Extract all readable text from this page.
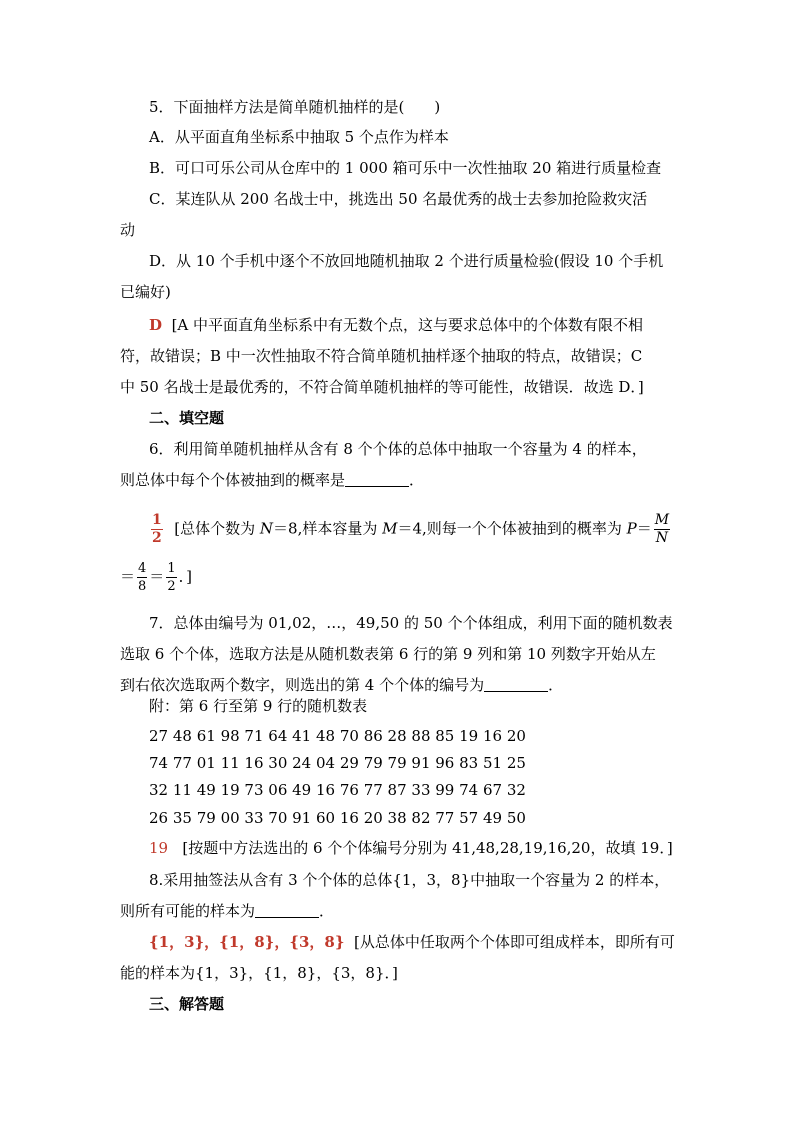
5．下面抽样方法是简单随机抽样的是(　　)
A．从平面直角坐标系中抽取 5 个点作为样本
B．可口可乐公司从仓库中的 1 000 箱可乐中一次性抽取 20 箱进行质量检查
C．某连队从 200 名战士中，挑选出 50 名最优秀的战士去参加抢险救灾活
动
D．从 10 个手机中逐个不放回地随机抽取 2 个进行质量检验(假设 10 个手机
已编好)
D [A 中平面直角坐标系中有无数个点，这与要求总体中的个体数有限不相
符，故错误；B 中一次性抽取不符合简单随机抽样逐个抽取的特点，故错误；C
中 50 名战士是最优秀的，不符合简单随机抽样的等可能性，故错误．故选 D．]
二、填空题
6．利用简单随机抽样从含有 8 个个体的总体中抽取一个容量为 4 的样本，
则总体中每个个体被抽到的概率是	．
$\frac{1}{2}$ [总体个数为 N＝8,样本容量为 M＝4,则每一个个体被抽到的概率为 $P= \frac{M}{N}$
＝ $\frac{4}{8} = \frac{1}{2}$ ．]
7．总体由编号为 01,02，…，49,50 的 50 个个体组成，利用下面的随机数表
选取 6 个个体，选取方法是从随机数表第 6 行的第 9 列和第 10 列数字开始从左
到右依次选取两个数字，则选出的第 4 个个体的编号为	．
附：第 6 行至第 9 行的随机数表
27 48 61 98 71 64 41 48 70 86 28 88 85 19 16 20
74 77 01 11 16 30 24 04 29 79 79 91 96 83 51 25
32 11 49 19 73 06 49 16 76 77 87 33 99 74 67 32
26 35 79 00 33 70 91 60 16 20 38 82 77 57 49 50
19 [按题中方法选出的 6 个个体编号分别为 41,48,28,19,16,20，故填 19．]
8.采用抽签法从含有 3 个个体的总体{1，3，8}中抽取一个容量为 2 的样本，
则所有可能的样本为	．
{1，3}，{1，8}，{3，8} [从总体中任取两个个体即可组成样本，即所有可
能的样本为{1，3}，{1，8}，{3，8}．]
三、解答题
